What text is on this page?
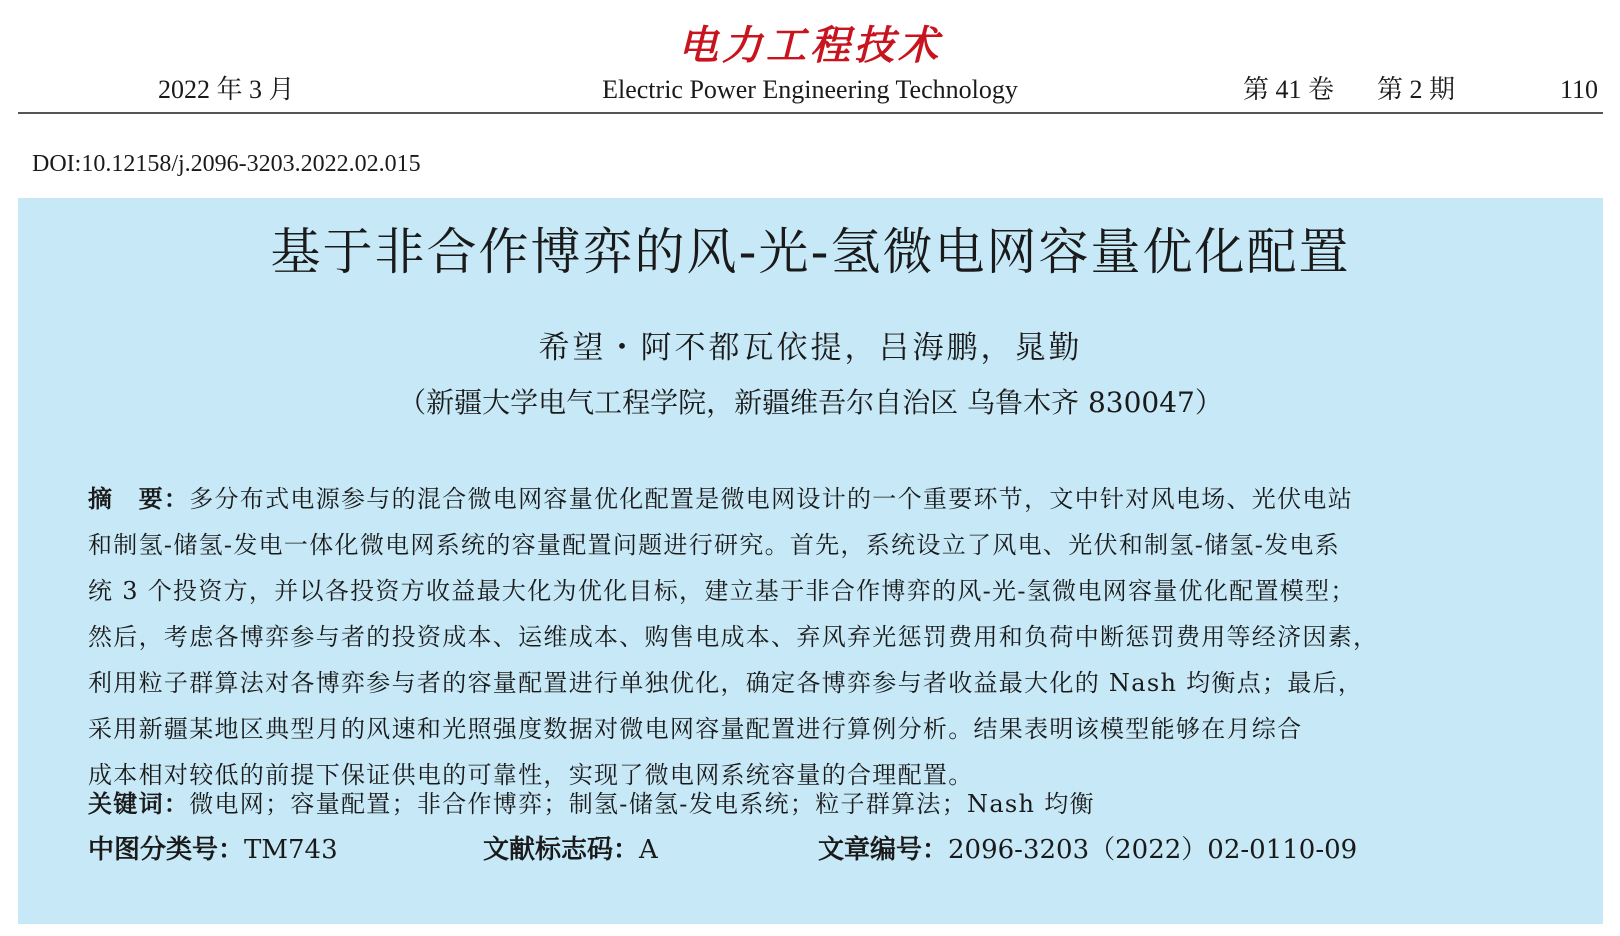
电力工程技术
2022 年 3 月	Electric Power Engineering Technology	第 41 卷 第 2 期	110
DOI:10.12158/j.2096-3203.2022.02.015
基于非合作博弈的风-光-氢微电网容量优化配置
希望・阿不都瓦依提，吕海鹏，晁勤
（新疆大学电气工程学院，新疆维吾尔自治区 乌鲁木齐 830047）
摘　要：多分布式电源参与的混合微电网容量优化配置是微电网设计的一个重要环节，文中针对风电场、光伏电站
和制氢-储氢-发电一体化微电网系统的容量配置问题进行研究。首先，系统设立了风电、光伏和制氢-储氢-发电系
统 3 个投资方，并以各投资方收益最大化为优化目标，建立基于非合作博弈的风-光-氢微电网容量优化配置模型；
然后，考虑各博弈参与者的投资成本、运维成本、购售电成本、弃风弃光惩罚费用和负荷中断惩罚费用等经济因素，
利用粒子群算法对各博弈参与者的容量配置进行单独优化，确定各博弈参与者收益最大化的 Nash 均衡点；最后，
采用新疆某地区典型月的风速和光照强度数据对微电网容量配置进行算例分析。结果表明该模型能够在月综合
成本相对较低的前提下保证供电的可靠性，实现了微电网系统容量的合理配置。
关键词：微电网；容量配置；非合作博弈；制氢-储氢-发电系统；粒子群算法；Nash 均衡
中图分类号：TM743	文献标志码：A	文章编号：2096-3203（2022）02-0110-09
